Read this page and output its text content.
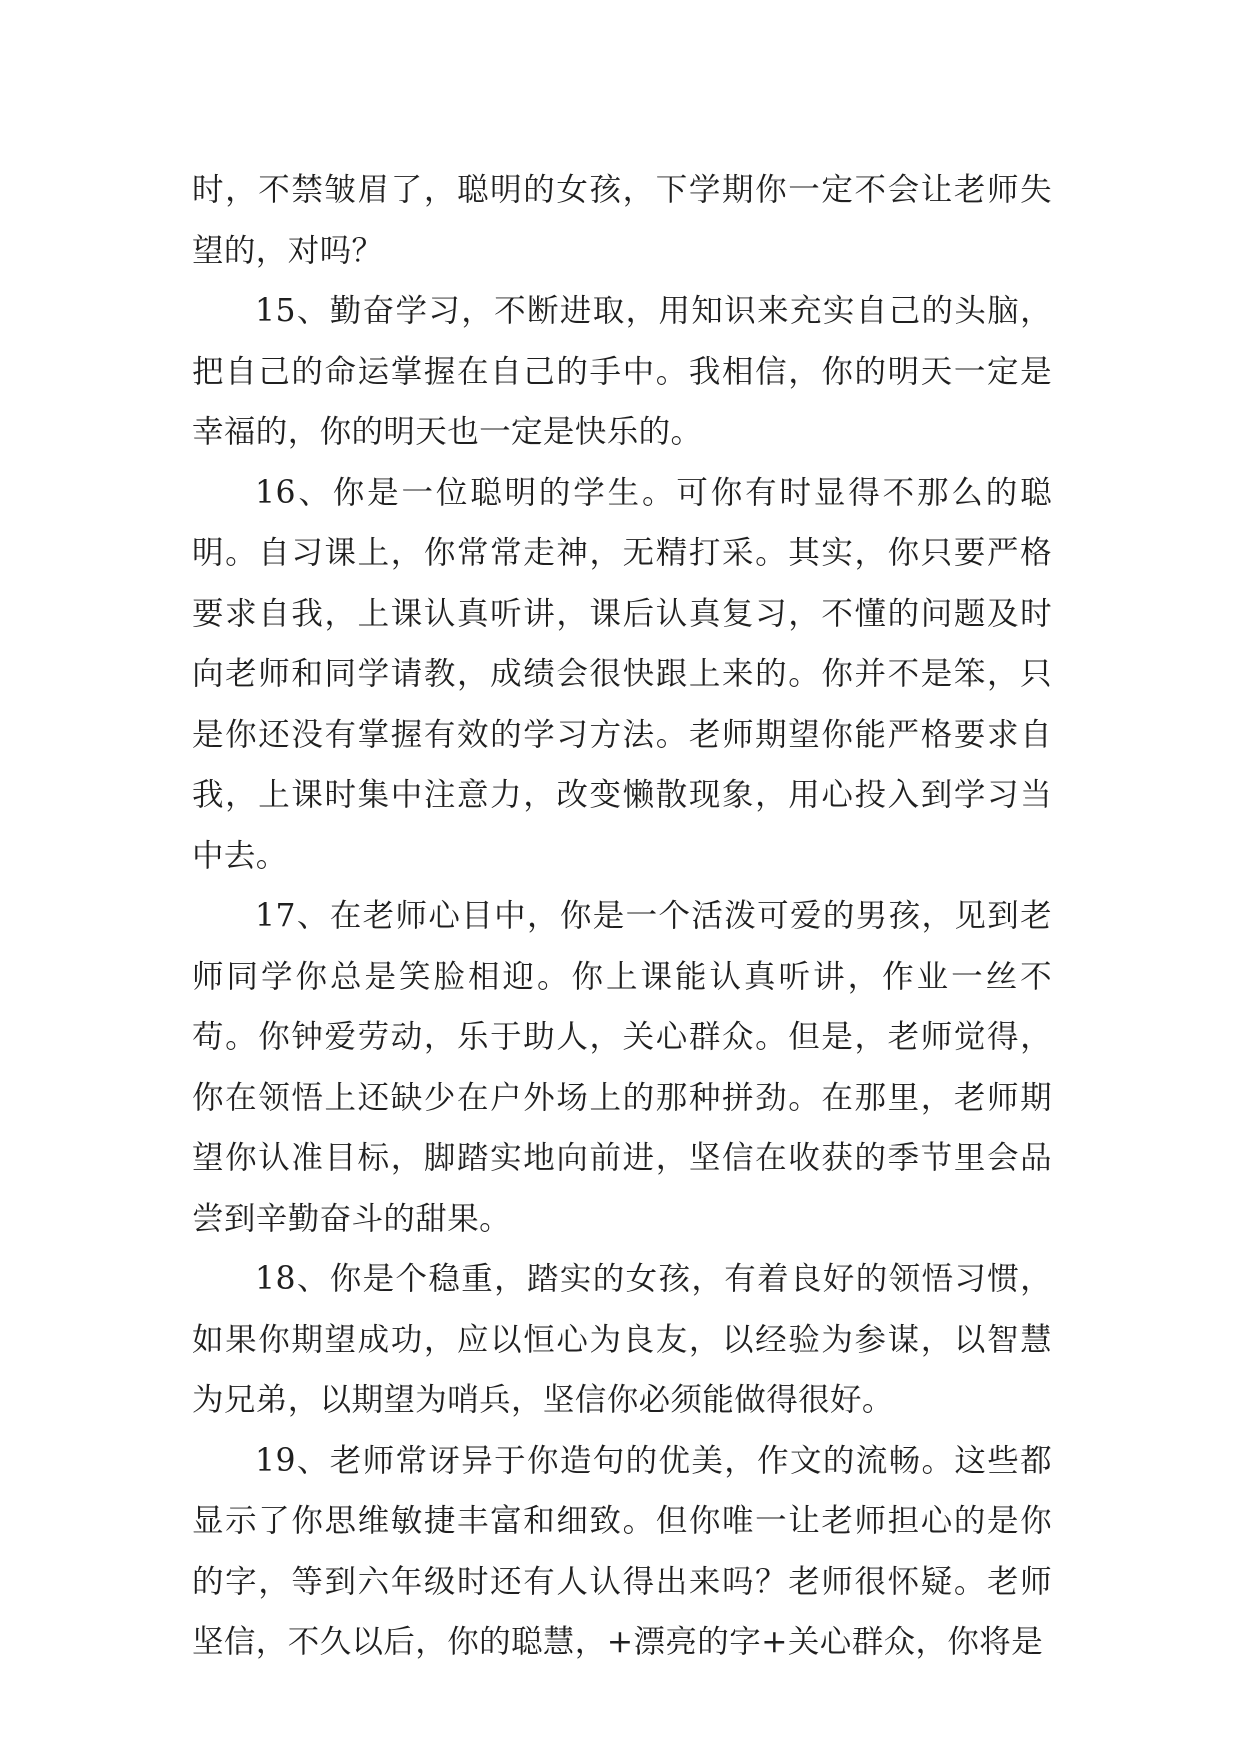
时，不禁皱眉了，聪明的女孩，下学期你一定不会让老师失望的，对吗？

15、勤奋学习，不断进取，用知识来充实自己的头脑，把自己的命运掌握在自己的手中。我相信，你的明天一定是幸福的，你的明天也一定是快乐的。

16、你是一位聪明的学生。可你有时显得不那么的聪明。自习课上，你常常走神，无精打采。其实，你只要严格要求自我，上课认真听讲，课后认真复习，不懂的问题及时向老师和同学请教，成绩会很快跟上来的。你并不是笨，只是你还没有掌握有效的学习方法。老师期望你能严格要求自我，上课时集中注意力，改变懒散现象，用心投入到学习当中去。

17、在老师心目中，你是一个活泼可爱的男孩，见到老师同学你总是笑脸相迎。你上课能认真听讲，作业一丝不苟。你钟爱劳动，乐于助人，关心群众。但是，老师觉得，你在领悟上还缺少在户外场上的那种拼劲。在那里，老师期望你认准目标，脚踏实地向前进，坚信在收获的季节里会品尝到辛勤奋斗的甜果。

18、你是个稳重，踏实的女孩，有着良好的领悟习惯，如果你期望成功，应以恒心为良友，以经验为参谋，以智慧为兄弟，以期望为哨兵，坚信你必须能做得很好。

19、老师常讶异于你造句的优美，作文的流畅。这些都显示了你思维敏捷丰富和细致。但你唯一让老师担心的是你的字，等到六年级时还有人认得出来吗？老师很怀疑。老师坚信，不久以后，你的聪慧，+漂亮的字+关心群众，你将是
